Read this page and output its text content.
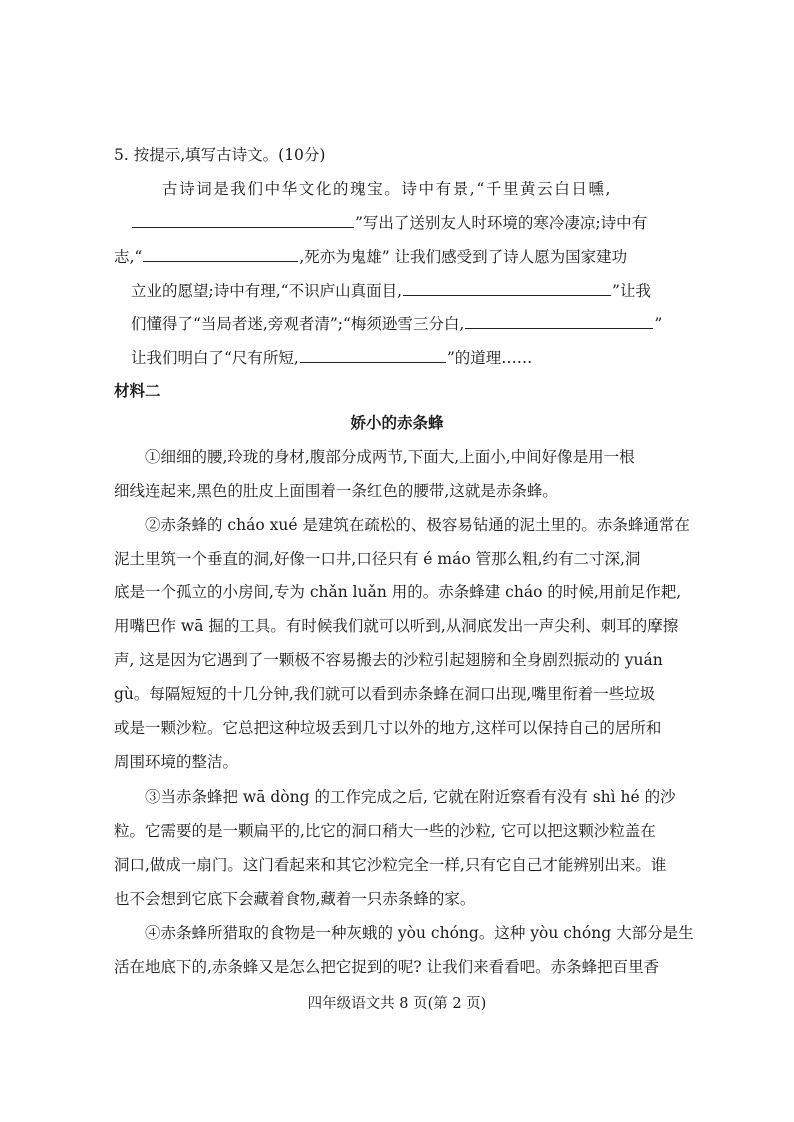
5. 按提示,填写古诗文。(10分)
古诗词是我们中华文化的瑰宝。诗中有景,“千里黄云白日曛,
”写出了送别友人时环境的寒冷凄凉;诗中有
志,“	,死亦为鬼雄” 让我们感受到了诗人愿为国家建功
立业的愿望;诗中有理,“不识庐山真面目,	”让我
们懂得了“当局者迷,旁观者清”;“梅须逊雪三分白,	”
让我们明白了“尺有所短,	”的道理……
材料二
娇小的赤条蜂
①细细的腰,玲珑的身材,腹部分成两节,下面大,上面小,中间好像是用一根
细线连起来,黑色的肚皮上面围着一条红色的腰带,这就是赤条蜂。
②赤条蜂的 cháo xué 是建筑在疏松的、极容易钻通的泥土里的。赤条蜂通常在
泥土里筑一个垂直的洞,好像一口井,口径只有 é máo 管那么粗,约有二寸深,洞
底是一个孤立的小房间,专为 chǎn luǎn 用的。赤条蜂建 cháo 的时候,用前足作耙,
用嘴巴作 wā 掘的工具。有时候我们就可以听到,从洞底发出一声尖利、刺耳的摩擦
声, 这是因为它遇到了一颗极不容易搬去的沙粒引起翅膀和全身剧烈振动的 yuán
gù。每隔短短的十几分钟,我们就可以看到赤条蜂在洞口出现,嘴里衔着一些垃圾
或是一颗沙粒。它总把这种垃圾丢到几寸以外的地方,这样可以保持自己的居所和
周围环境的整洁。
③当赤条蜂把 wā dòng 的工作完成之后, 它就在附近察看有没有 shì hé 的沙
粒。它需要的是一颗扁平的,比它的洞口稍大一些的沙粒, 它可以把这颗沙粒盖在
洞口,做成一扇门。这门看起来和其它沙粒完全一样,只有它自己才能辨别出来。谁
也不会想到它底下会藏着食物,藏着一只赤条蜂的家。
④赤条蜂所猎取的食物是一种灰蛾的 yòu chóng。这种 yòu chóng 大部分是生
活在地底下的,赤条蜂又是怎么把它捉到的呢? 让我们来看看吧。赤条蜂把百里香
四年级语文共 8 页(第 2 页)
